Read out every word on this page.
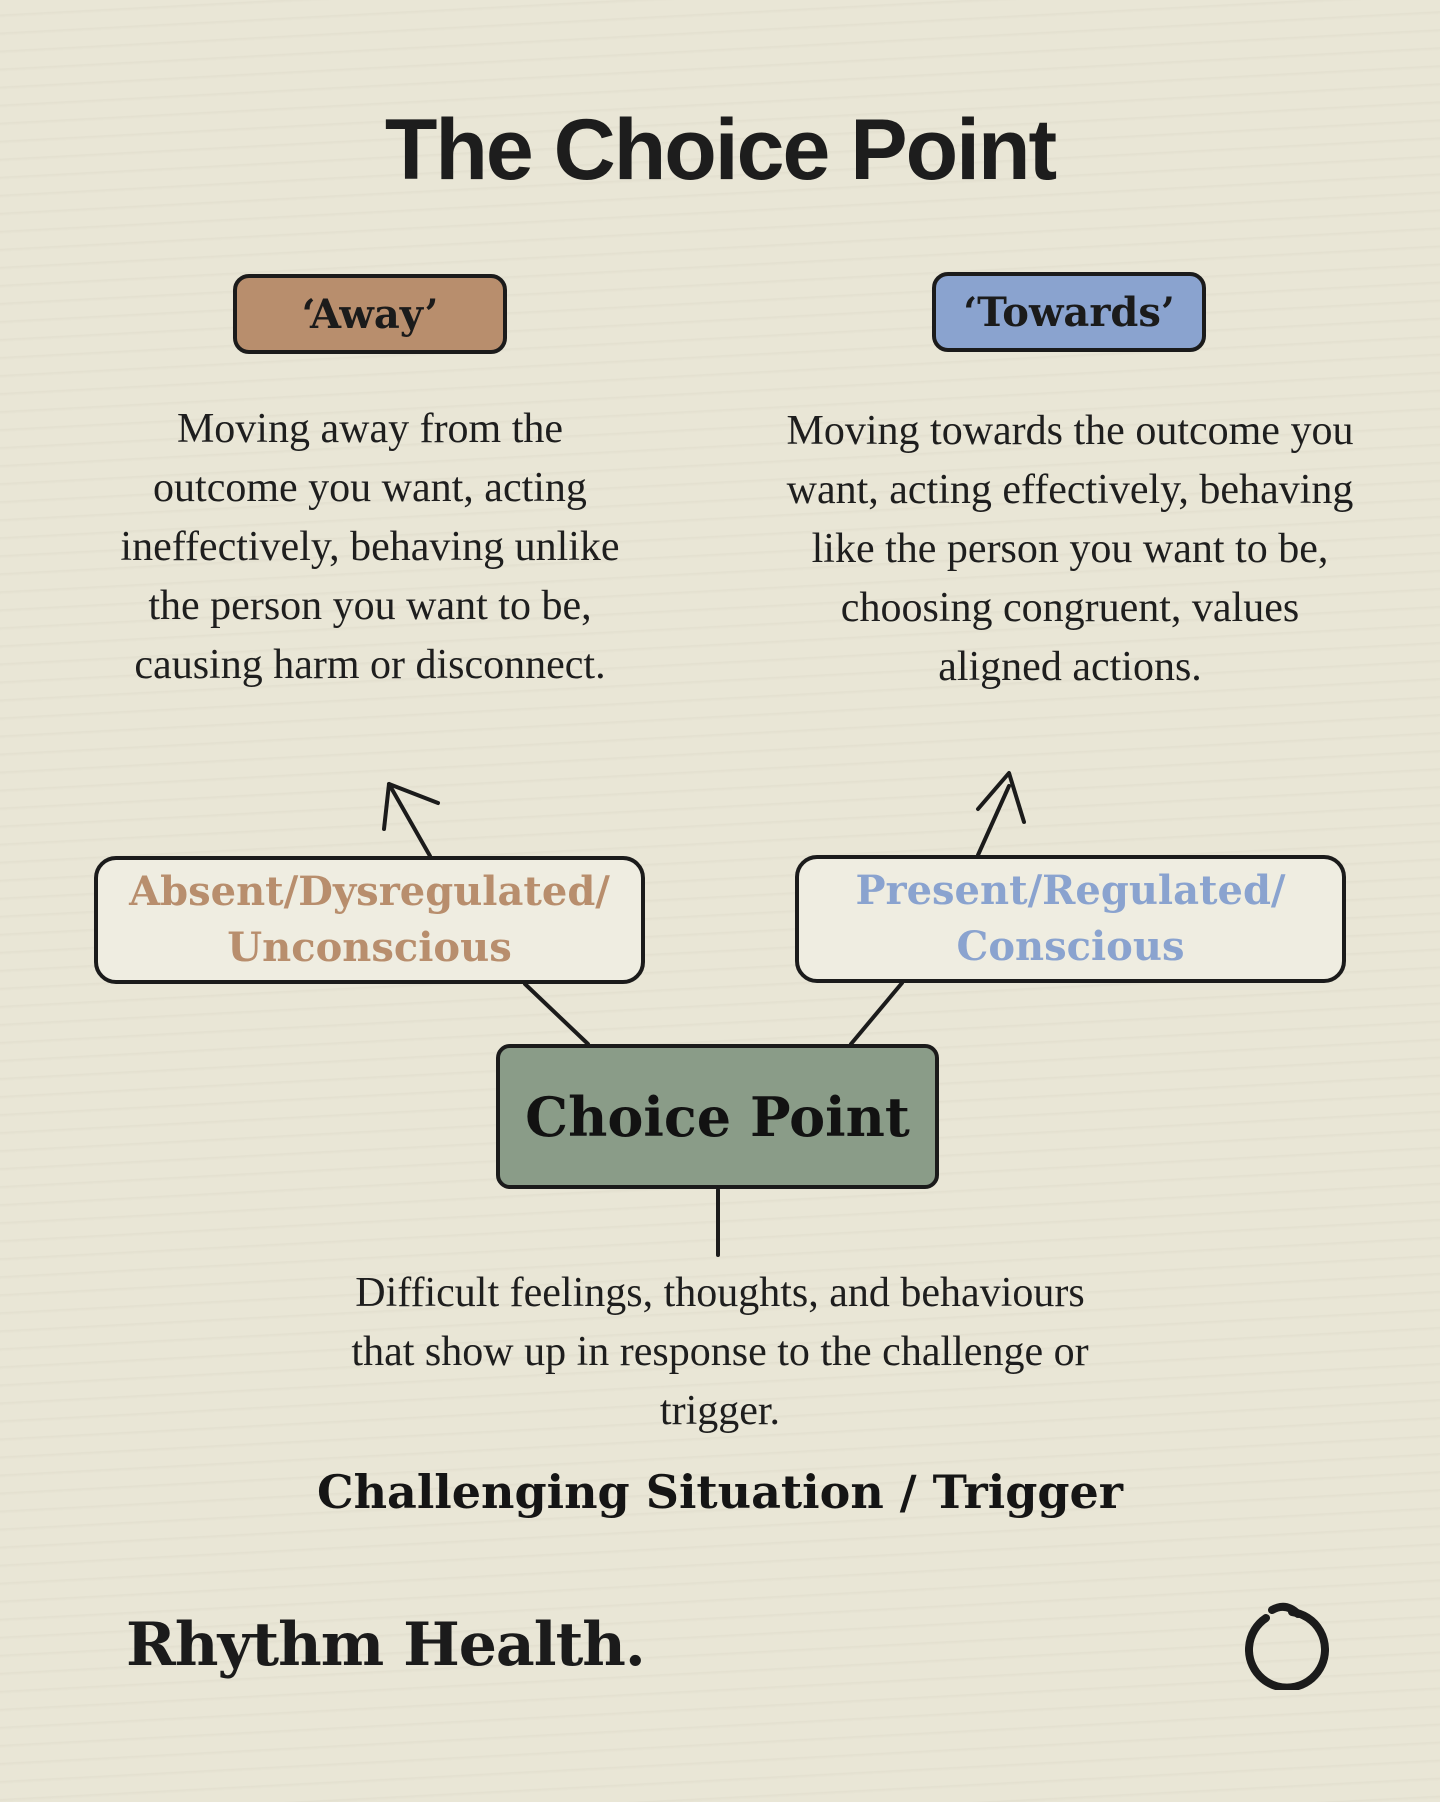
The Choice Point
‘Away’	‘Towards’
Moving away from the outcome you want, acting ineffectively, behaving unlike the person you want to be, causing harm or disconnect.
Moving towards the outcome you want, acting effectively, behaving like the person you want to be, choosing congruent, values aligned actions.
Absent/Dysregulated/
Unconscious
Present/Regulated/
Conscious
Choice Point
Difficult feelings, thoughts, and behaviours that show up in response to the challenge or trigger.
Challenging Situation / Trigger
Rhythm Health.
